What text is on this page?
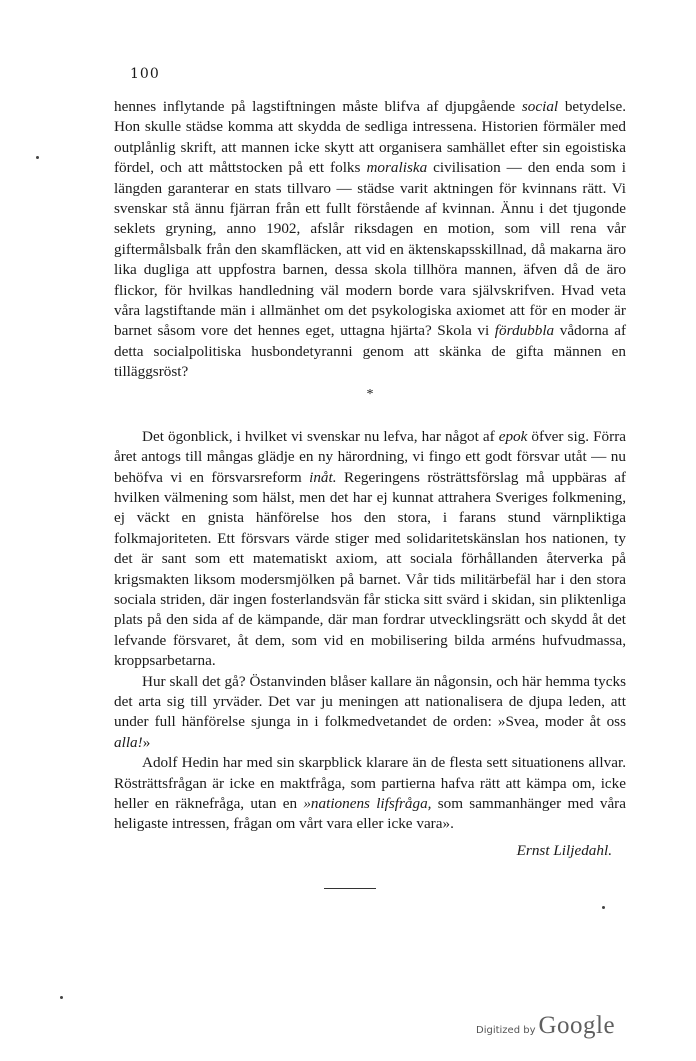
100

hennes inflytande på lagstiftningen måste blifva af djupgående social betydelse. Hon skulle städse komma att skydda de sedliga intressena. Historien förmäler med outplånlig skrift, att mannen icke skytt att organisera samhället efter sin egoistiska fördel, och att måttstocken på ett folks moraliska civilisation — den enda som i längden garanterar en stats tillvaro — städse varit aktningen för kvinnans rätt. Vi svenskar stå ännu fjärran från ett fullt förstående af kvinnan. Ännu i det tjugonde seklets gryning, anno 1902, afslår riksdagen en motion, som vill rena vår giftermålsbalk från den skamfläcken, att vid en äktenskapsskillnad, då makarna äro lika dugliga att uppfostra barnen, dessa skola tillhöra mannen, äfven då de äro flickor, för hvilkas handledning väl modern borde vara självskrifven. Hvad veta våra lagstiftande män i allmänhet om det psykologiska axiomet att för en moder är barnet såsom vore det hennes eget, uttagna hjärta? Skola vi fördubbla vådorna af detta socialpolitiska husbondetyranni genom att skänka de gifta männen en tilläggsröst?

*

Det ögonblick, i hvilket vi svenskar nu lefva, har något af epok öfver sig. Förra året antogs till mångas glädje en ny härordning, vi fingo ett godt försvar utåt — nu behöfva vi en försvarsreform inåt. Regeringens rösträttsförslag må uppbäras af hvilken välmening som hälst, men det har ej kunnat attrahera Sveriges folkmening, ej väckt en gnista hänförelse hos den stora, i farans stund värnpliktiga folkmajoriteten. Ett försvars värde stiger med solidaritetskänslan hos nationen, ty det är sant som ett matematiskt axiom, att sociala förhållanden återverka på krigsmakten liksom modersmjölken på barnet. Vår tids militärbefäl har i den stora sociala striden, där ingen fosterlandsvän får sticka sitt svärd i skidan, sin pliktenliga plats på den sida af de kämpande, där man fordrar utvecklingsrätt och skydd åt det lefvande försvaret, åt dem, som vid en mobilisering bilda arméns hufvudmassa, kroppsarbetarna.

Hur skall det gå? Östanvinden blåser kallare än någonsin, och här hemma tycks det arta sig till yrväder. Det var ju meningen att nationalisera de djupa leden, att under full hänförelse sjunga in i folkmedvetandet de orden: »Svea, moder åt oss alla!»

Adolf Hedin har med sin skarpblick klarare än de flesta sett situationens allvar. Rösträttsfrågan är icke en maktfråga, som partierna hafva rätt att kämpa om, icke heller en räknefråga, utan en »nationens lifsfråga, som sammanhänger med våra heligaste intressen, frågan om vårt vara eller icke vara».

Ernst Liljedahl.
Digitized by Google
